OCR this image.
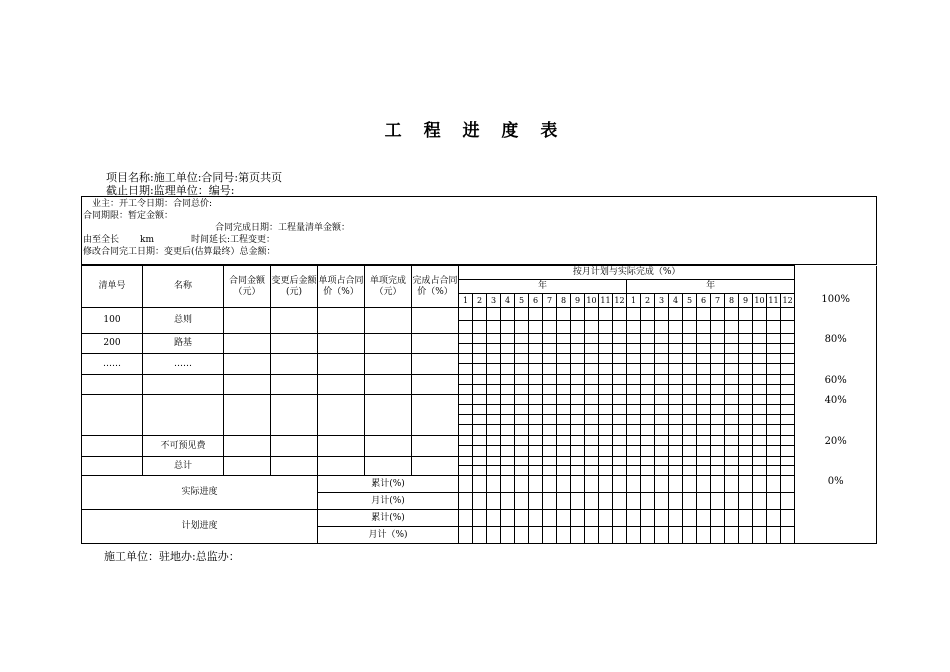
工 程 进 度 表
项目名称:施工单位:合同号:第页共页
截止日期:监理单位：编号:
业主：开工令日期：合同总价:
合同期限：暂定金额：
合同完成日期：工程量清单金额：
由至全长 km	时间延长:工程变更：
修改合同完工日期：变更后(估算最终）总金额：
清单号	名称	合同金额（元）	变更后金额(元)	单项占合同价（%）	单项完成（元）	完成占合同价（%）	按月计划与实际完成（%）																								
							年												年												
							1	2	3	4	5	6	7	8	9	10	11	12	1	2	3	4	5	6	7	8	9	10	11	12	100%
100	总则																														

200	路基																														80%

……	……																														

																															60%

																															40%

	不可预见费																														20%

	总计																														

实际进度				累计(%)																											0%
				月计(%)																											
计划进度				累计(%)																											
				月计（%)																											
施工单位：驻地办:总监办：
